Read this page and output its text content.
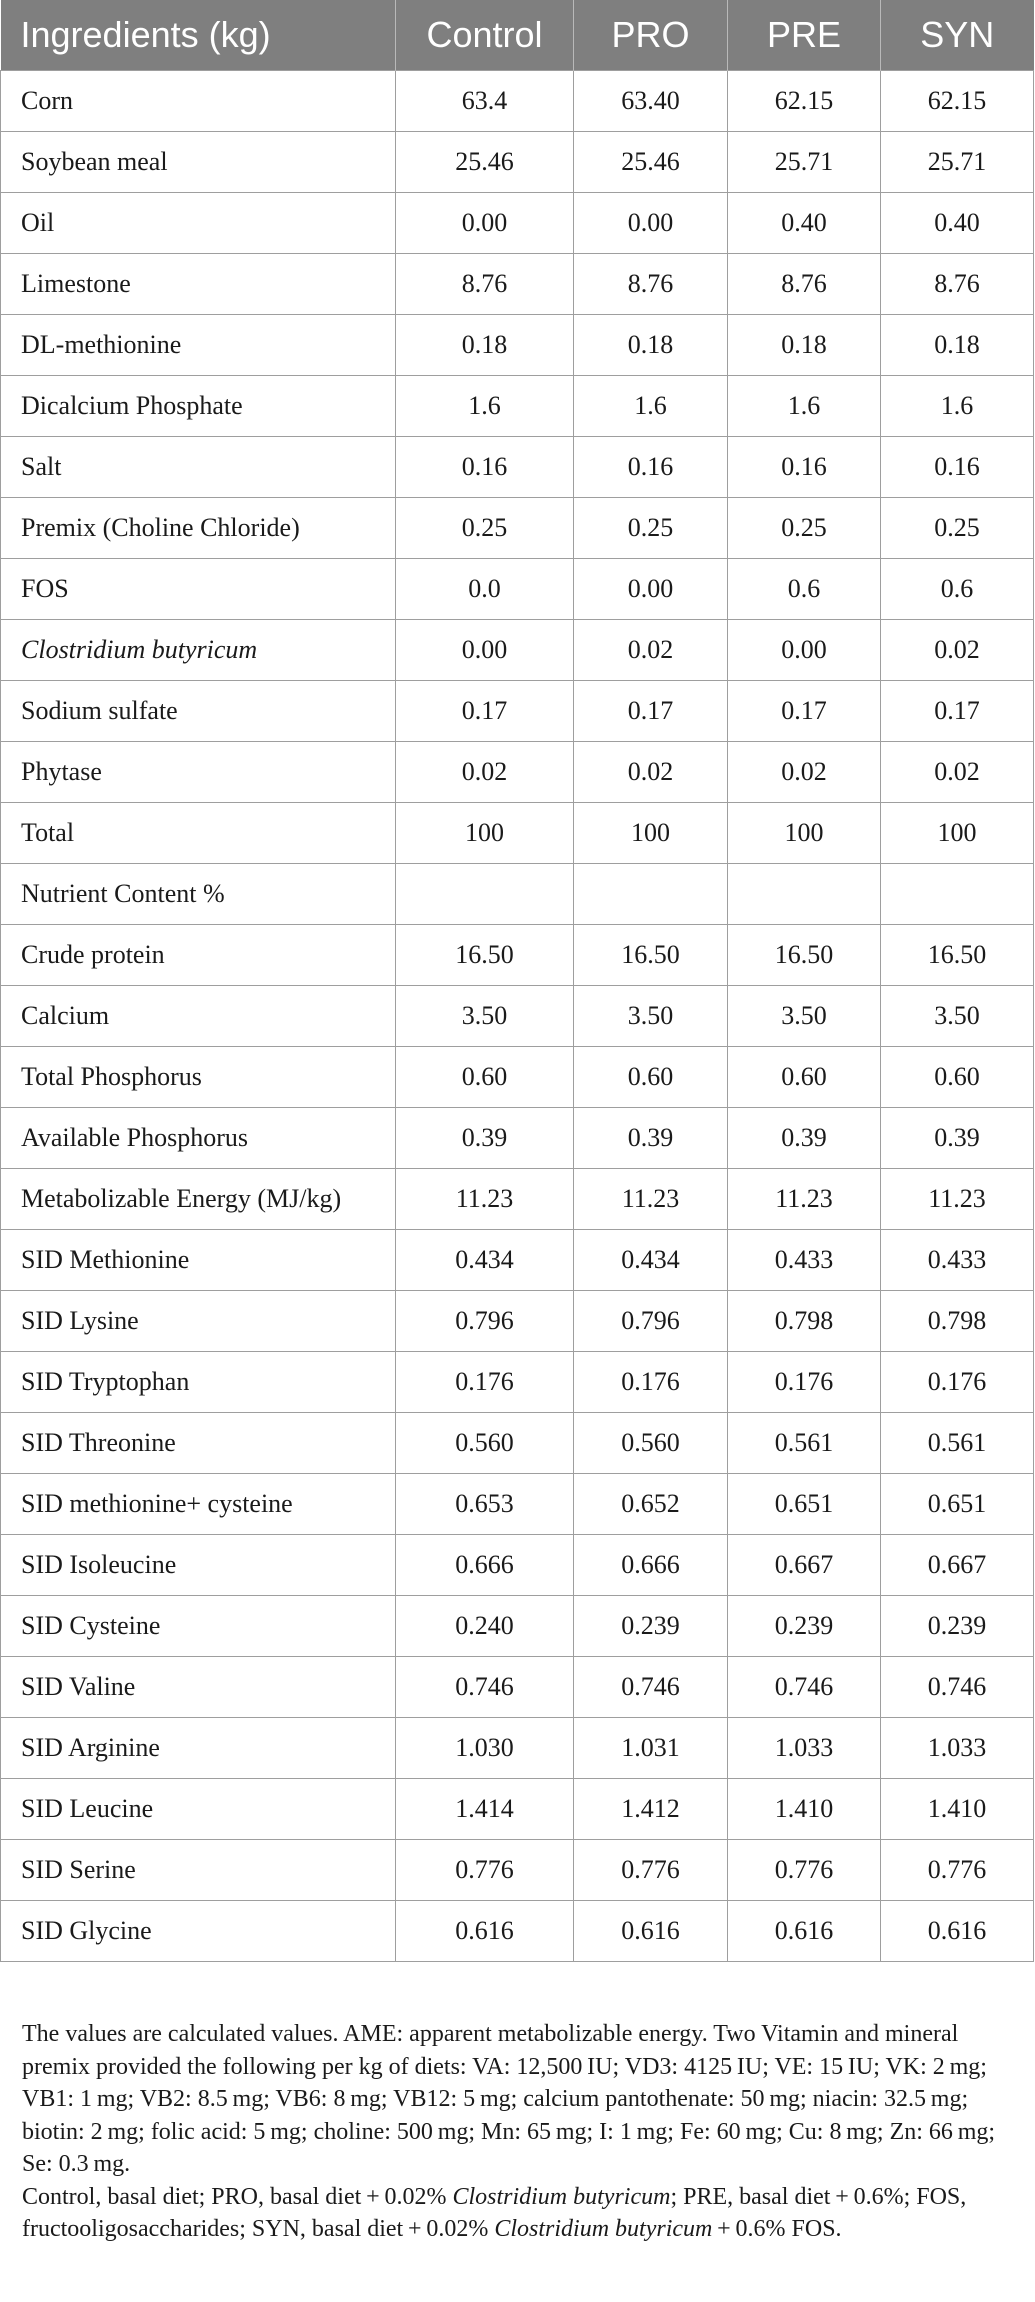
Ingredients (kg)	Control	PRO	PRE	SYN
Corn	63.4	63.40	62.15	62.15
Soybean meal	25.46	25.46	25.71	25.71
Oil	0.00	0.00	0.40	0.40
Limestone	8.76	8.76	8.76	8.76
DL-methionine	0.18	0.18	0.18	0.18
Dicalcium Phosphate	1.6	1.6	1.6	1.6
Salt	0.16	0.16	0.16	0.16
Premix (Choline Chloride)	0.25	0.25	0.25	0.25
FOS	0.0	0.00	0.6	0.6
Clostridium butyricum	0.00	0.02	0.00	0.02
Sodium sulfate	0.17	0.17	0.17	0.17
Phytase	0.02	0.02	0.02	0.02
Total	100	100	100	100
Nutrient Content %				
Crude protein	16.50	16.50	16.50	16.50
Calcium	3.50	3.50	3.50	3.50
Total Phosphorus	0.60	0.60	0.60	0.60
Available Phosphorus	0.39	0.39	0.39	0.39
Metabolizable Energy (MJ/kg)	11.23	11.23	11.23	11.23
SID Methionine	0.434	0.434	0.433	0.433
SID Lysine	0.796	0.796	0.798	0.798
SID Tryptophan	0.176	0.176	0.176	0.176
SID Threonine	0.560	0.560	0.561	0.561
SID methionine+ cysteine	0.653	0.652	0.651	0.651
SID Isoleucine	0.666	0.666	0.667	0.667
SID Cysteine	0.240	0.239	0.239	0.239
SID Valine	0.746	0.746	0.746	0.746
SID Arginine	1.030	1.031	1.033	1.033
SID Leucine	1.414	1.412	1.410	1.410
SID Serine	0.776	0.776	0.776	0.776
SID Glycine	0.616	0.616	0.616	0.616

The values are calculated values. AME: apparent metabolizable energy. Two Vitamin and mineral premix provided the following per kg of diets: VA: 12,500 IU; VD3: 4125 IU; VE: 15 IU; VK: 2 mg; VB1: 1 mg; VB2: 8.5 mg; VB6: 8 mg; VB12: 5 mg; calcium pantothenate: 50 mg; niacin: 32.5 mg; biotin: 2 mg; folic acid: 5 mg; choline: 500 mg; Mn: 65 mg; I: 1 mg; Fe: 60 mg; Cu: 8 mg; Zn: 66 mg; Se: 0.3 mg.

Control, basal diet; PRO, basal diet + 0.02% Clostridium butyricum; PRE, basal diet + 0.6%; FOS, fructooligosaccharides; SYN, basal diet + 0.02% Clostridium butyricum + 0.6% FOS.
